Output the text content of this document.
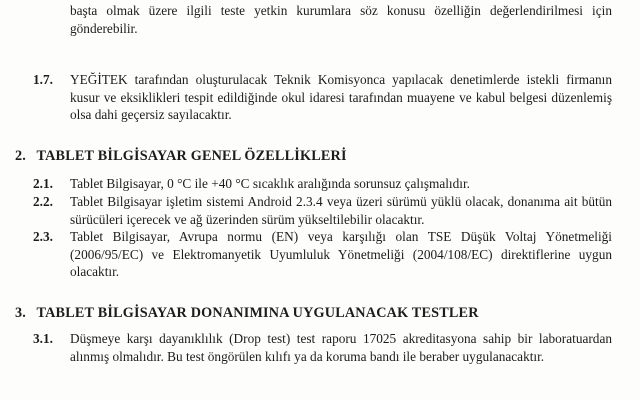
başta olmak üzere ilgili teste yetkin kurumlara söz konusu özelliğin değerlendirilmesi için gönderebilir.
1.7. YEĞİTEK tarafından oluşturulacak Teknik Komisyonca yapılacak denetimlerde istekli firmanın kusur ve eksiklikleri tespit edildiğinde okul idaresi tarafından muayene ve kabul belgesi düzenlemiş olsa dahi geçersiz sayılacaktır.
2. TABLET BİLGİSAYAR GENEL ÖZELLİKLERİ
2.1. Tablet Bilgisayar, 0 °C ile +40 °C sıcaklık aralığında sorunsuz çalışmalıdır.
2.2. Tablet Bilgisayar işletim sistemi Android 2.3.4 veya üzeri sürümü yüklü olacak, donanıma ait bütün sürücüleri içerecek ve ağ üzerinden sürüm yükseltilebilir olacaktır.
2.3. Tablet Bilgisayar, Avrupa normu (EN) veya karşılığı olan TSE Düşük Voltaj Yönetmeliği (2006/95/EC) ve Elektromanyetik Uyumluluk Yönetmeliği (2004/108/EC) direktiflerine uygun olacaktır.
3. TABLET BİLGİSAYAR DONANIMINA UYGULANACAK TESTLER
3.1. Düşmeye karşı dayanıklılık (Drop test) test raporu 17025 akreditasyona sahip bir laboratuardan alınmış olmalıdır. Bu test öngörülen kılıfı ya da koruma bandı ile beraber uygulanacaktır.
